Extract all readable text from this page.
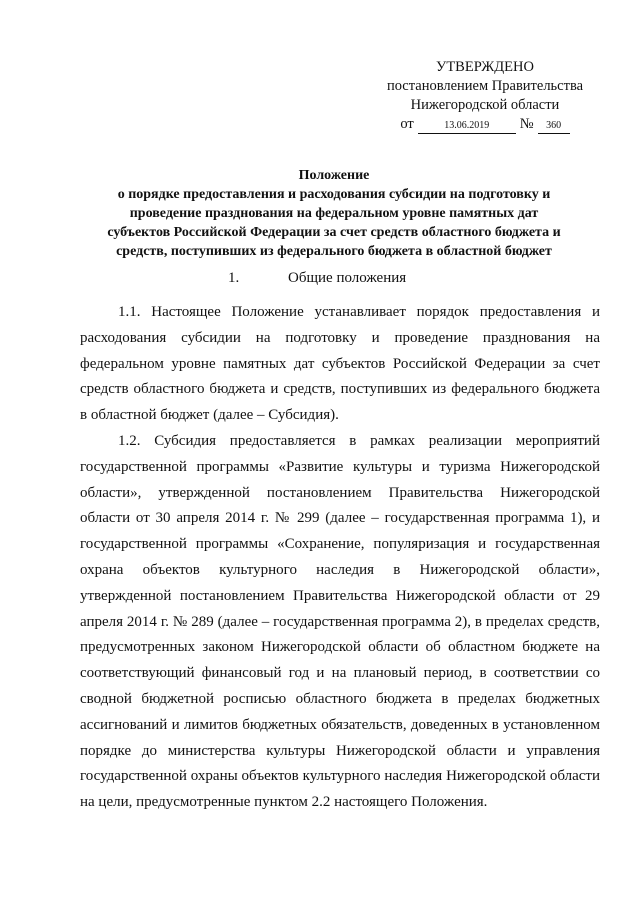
УТВЕРЖДЕНО
постановлением Правительства
Нижегородской области
от	13.06.2019	№	360
Положение
о порядке предоставления и расходования субсидии на подготовку и
проведение празднования на федеральном уровне памятных дат
субъектов Российской Федерации за счет средств областного бюджета и
средств, поступивших из федерального бюджета в областной бюджет
1.	Общие положения

1.1. Настоящее Положение устанавливает порядок предоставления и расходования субсидии на подготовку и проведение празднования на федеральном уровне памятных дат субъектов Российской Федерации за счет средств областного бюджета и средств, поступивших из федерального бюджета в областной бюджет (далее – Субсидия).

1.2. Субсидия предоставляется в рамках реализации мероприятий государственной программы «Развитие культуры и туризма Нижегородской области», утвержденной постановлением Правительства Нижегородской области от 30 апреля 2014 г. № 299 (далее – государственная программа 1), и государственной программы «Сохранение, популяризация и государственная охрана объектов культурного наследия в Нижегородской области», утвержденной постановлением Правительства Нижегородской области от 29 апреля 2014 г. № 289 (далее – государственная программа 2), в пределах средств, предусмотренных законом Нижегородской области об областном бюджете на соответствующий финансовый год и на плановый период, в соответствии со сводной бюджетной росписью областного бюджета в пределах бюджетных ассигнований и лимитов бюджетных обязательств, доведенных в установленном порядке до министерства культуры Нижегородской области и управления государственной охраны объектов культурного наследия Нижегородской области на цели, предусмотренные пунктом 2.2 настоящего Положения.
